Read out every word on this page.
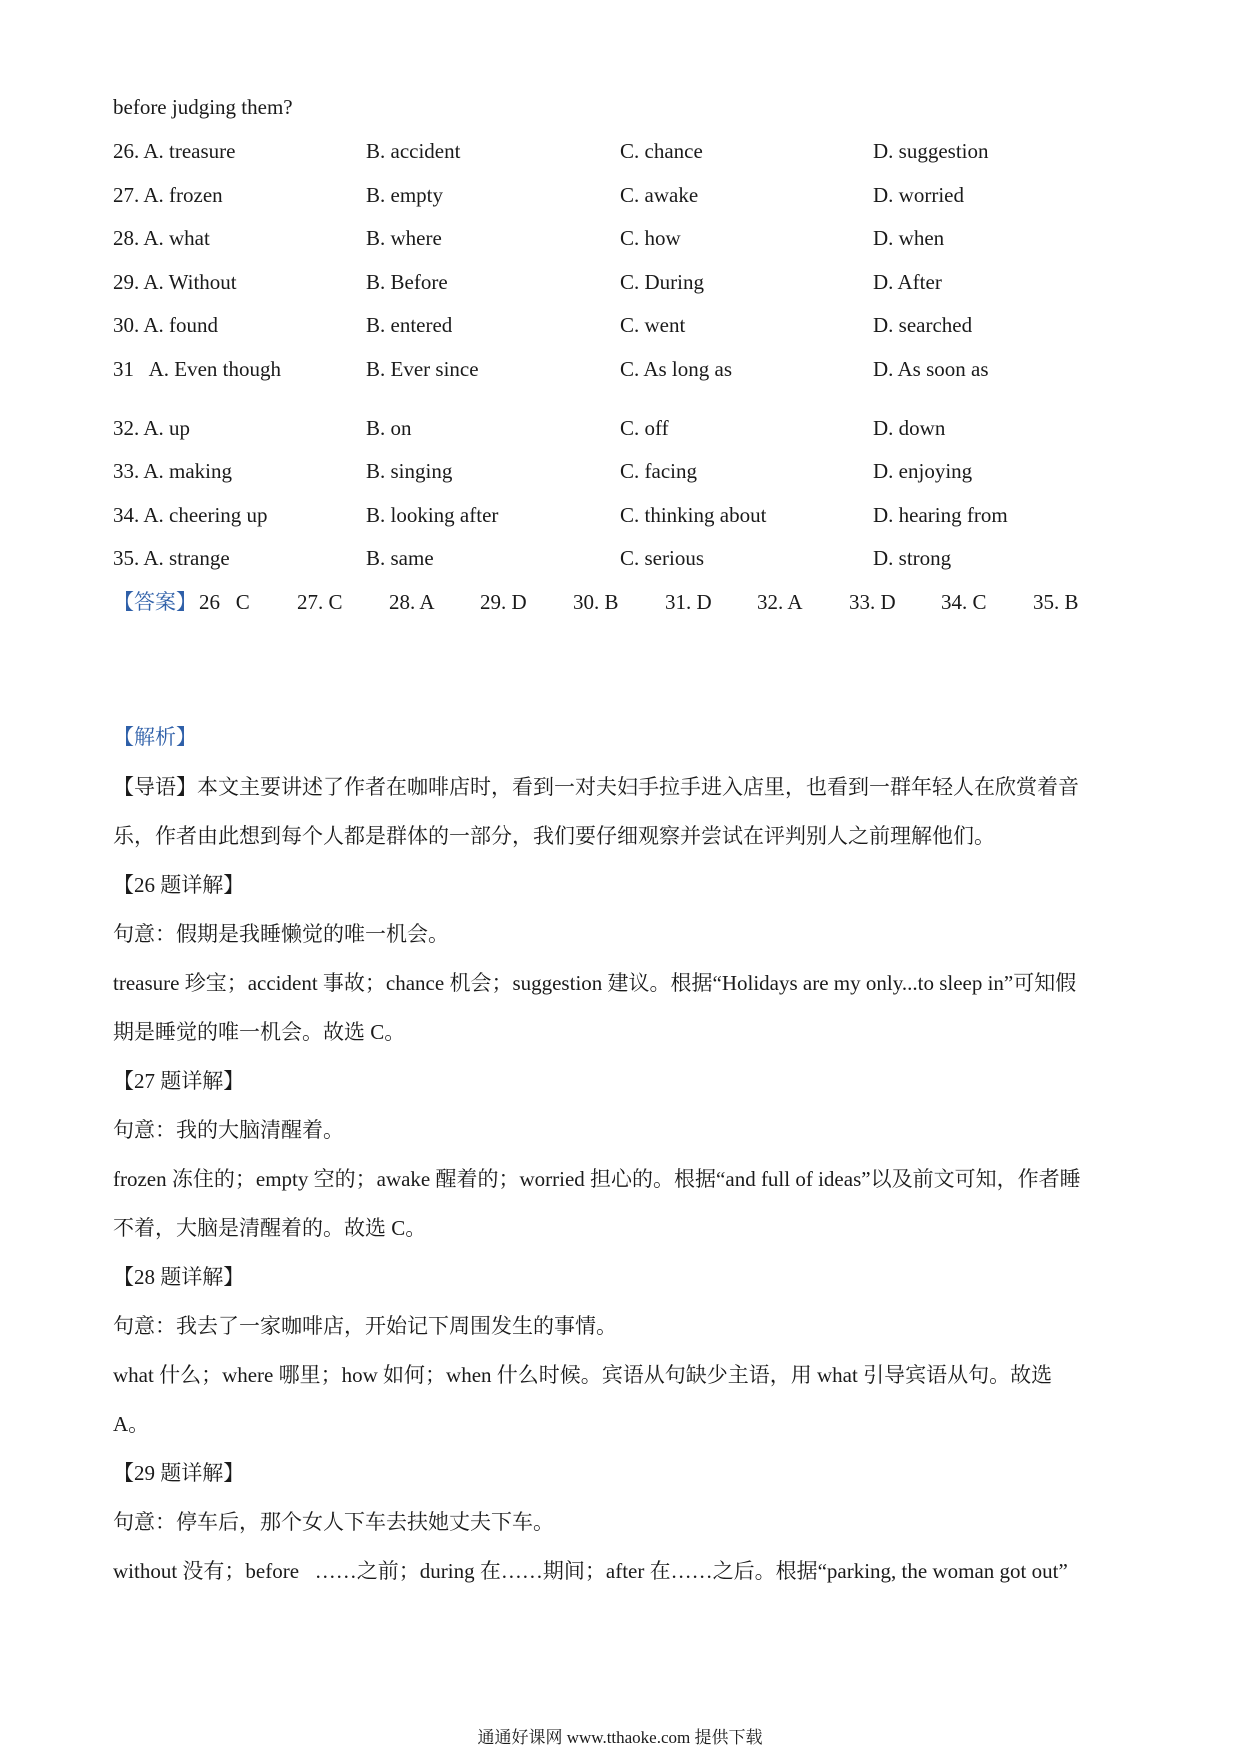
before judging them?
26. A. treasure	B. accident	C. chance	D. suggestion
27. A. frozen	B. empty	C. awake	D. worried
28. A. what	B. where	C. how	D. when
29. A. Without	B. Before	C. During	D. After
30. A. found	B. entered	C. went	D. searched
31   A. Even though	B. Ever since	C. As long as	D. As soon as
32. A. up	B. on	C. off	D. down
33. A. making	B. singing	C. facing	D. enjoying
34. A. cheering up	B. looking after	C. thinking about	D. hearing from
35. A. strange	B. same	C. serious	D. strong
【答案】 26   C 27. C 28. A 29. D 30. B 31. D 32. A 33. D 34. C 35. B
【解析】
【导语】本文主要讲述了作者在咖啡店时，看到一对夫妇手拉手进入店里，也看到一群年轻人在欣赏着音
乐，作者由此想到每个人都是群体的一部分，我们要仔细观察并尝试在评判别人之前理解他们。
【26 题详解】
句意：假期是我睡懒觉的唯一机会。
treasure 珍宝；accident 事故；chance 机会；suggestion 建议。根据“Holidays are my only...to sleep in”可知假
期是睡觉的唯一机会。故选 C。
【27 题详解】
句意：我的大脑清醒着。
frozen 冻住的；empty 空的；awake 醒着的；worried 担心的。根据“and full of ideas”以及前文可知，作者睡
不着，大脑是清醒着的。故选 C。
【28 题详解】
句意：我去了一家咖啡店，开始记下周围发生的事情。
what 什么；where 哪里；how 如何；when 什么时候。宾语从句缺少主语，用 what 引导宾语从句。故选
A。
【29 题详解】
句意：停车后，那个女人下车去扶她丈夫下车。
without 没有；before   ……之前；during 在……期间；after 在……之后。根据“parking, the woman got out”
通通好课网 www.tthaoke.com 提供下载
